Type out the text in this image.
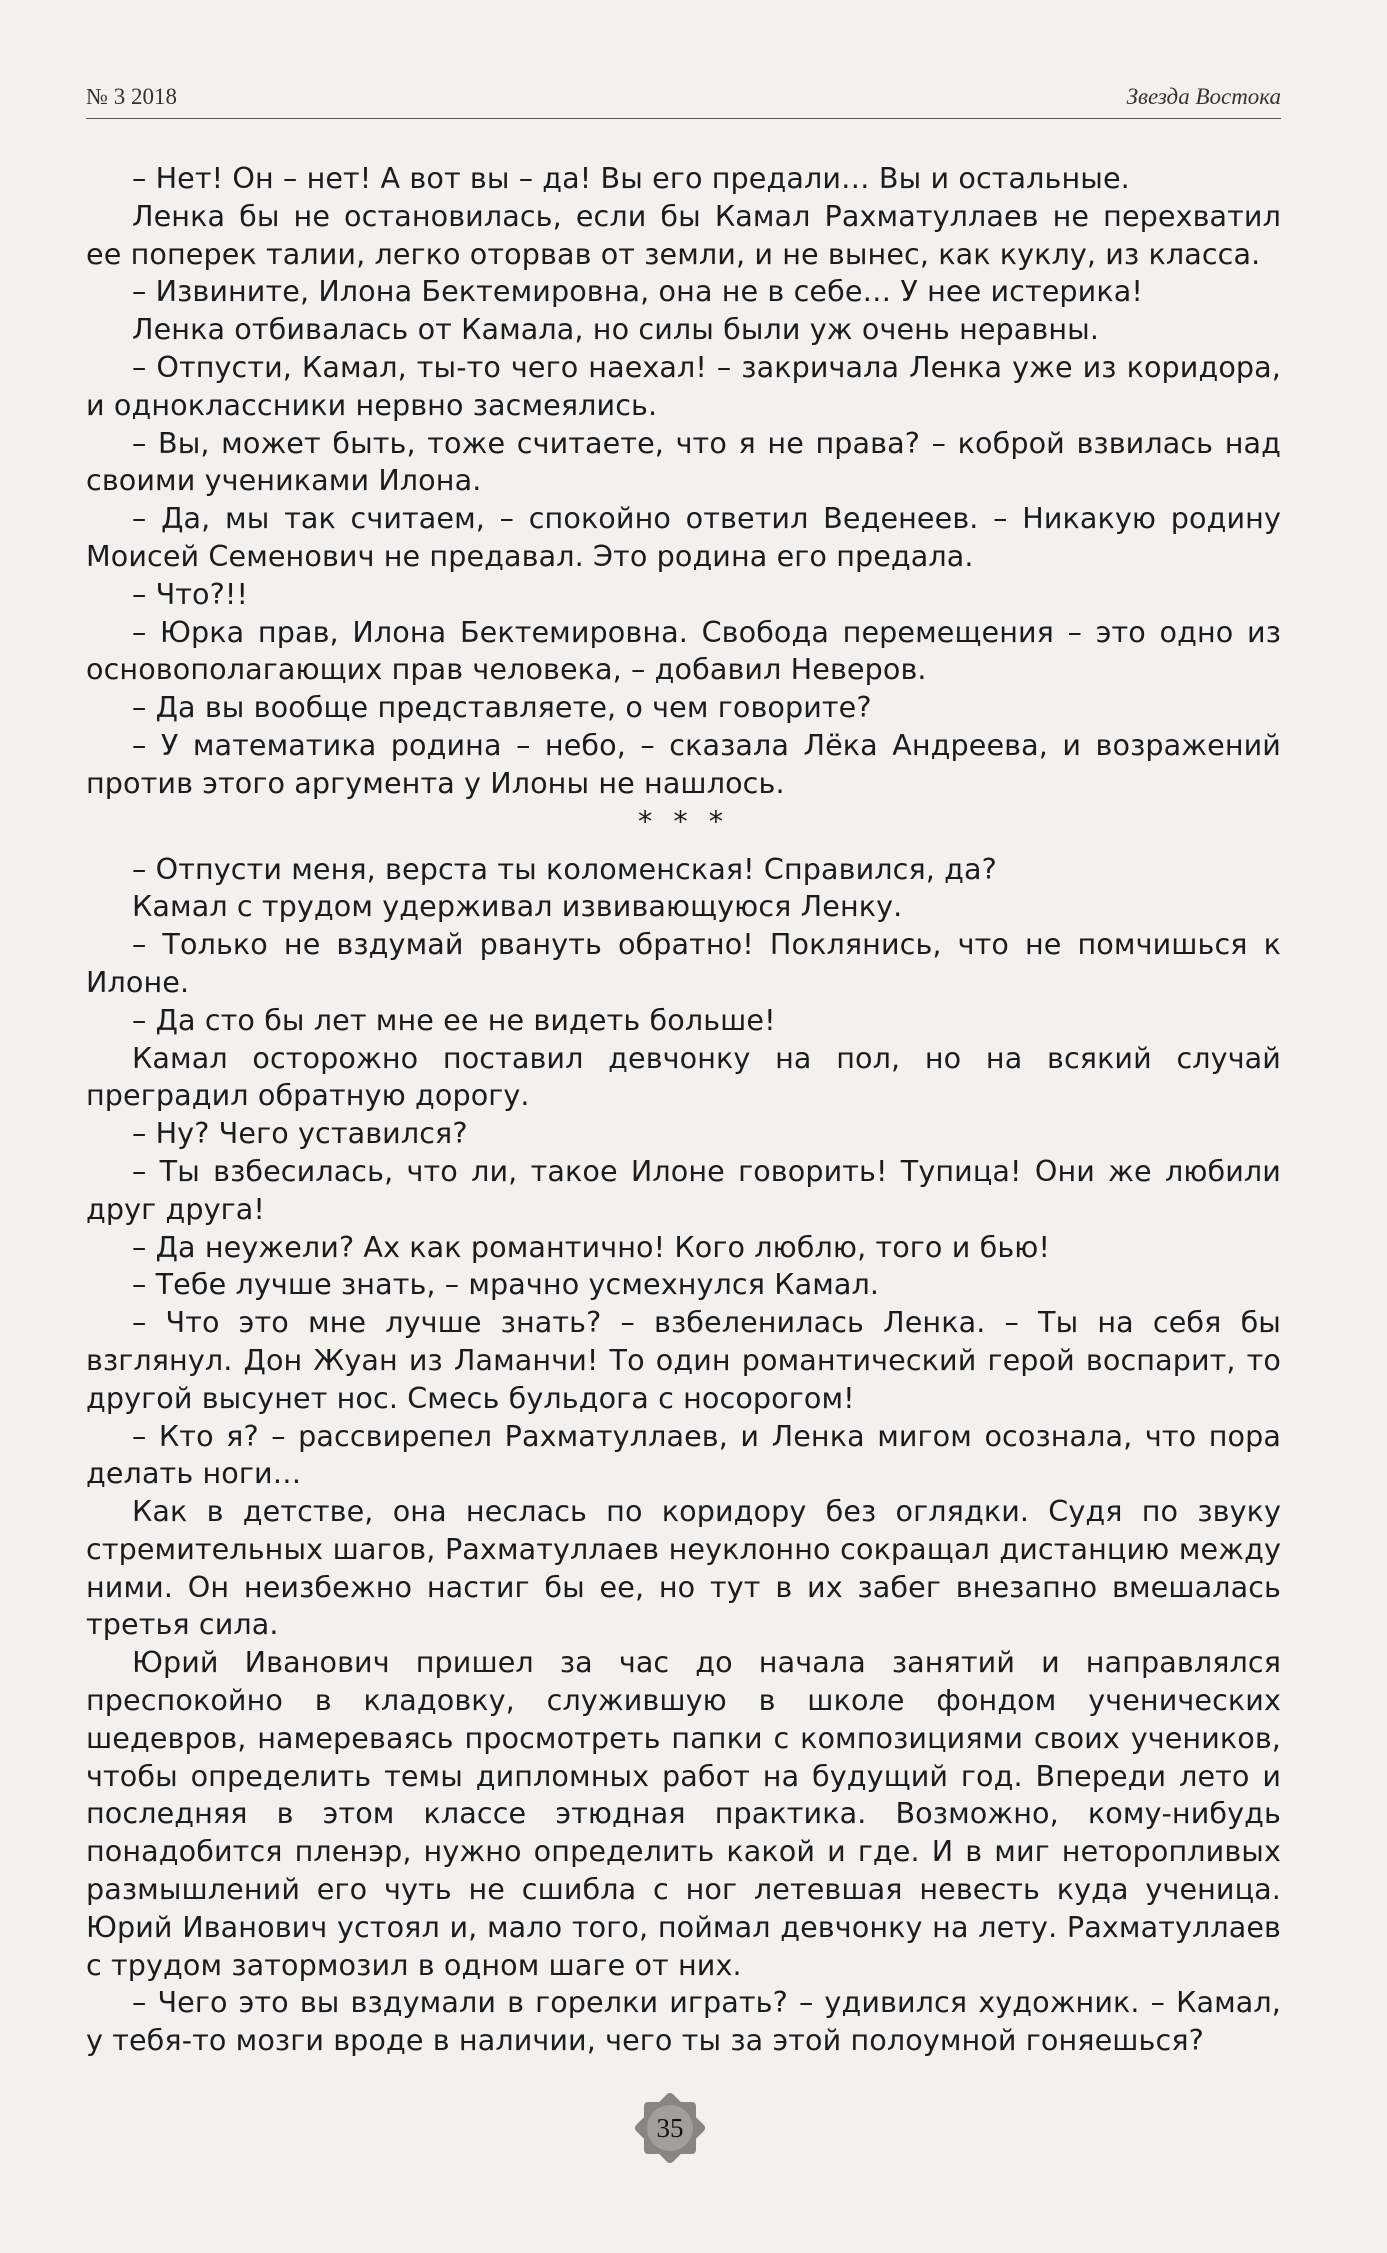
№ 3 2018	Звезда Востока

– Нет! Он – нет! А вот вы – да! Вы его предали… Вы и остальные.

Ленка бы не остановилась, если бы Камал Рахматуллаев не перехватил ее поперек талии, легко оторвав от земли, и не вынес, как куклу, из класса.

– Извините, Илона Бектемировна, она не в себе… У нее истерика!

Ленка отбивалась от Камала, но силы были уж очень неравны.

– Отпусти, Камал, ты-то чего наехал! – закричала Ленка уже из коридора, и одноклассники нервно засмеялись.

– Вы, может быть, тоже считаете, что я не права? – коброй взвилась над своими учениками Илона.

– Да, мы так считаем, – спокойно ответил Веденеев. – Никакую родину Моисей Семенович не предавал. Это родина его предала.

– Что?!!

– Юрка прав, Илона Бектемировна. Свобода перемещения – это одно из основополагающих прав человека, – добавил Неверов.

– Да вы вообще представляете, о чем говорите?

– У математика родина – небо, – сказала Лёка Андреева, и возражений против этого аргумента у Илоны не нашлось.

* * *

– Отпусти меня, верста ты коломенская! Справился, да?

Камал с трудом удерживал извивающуюся Ленку.

– Только не вздумай рвануть обратно! Поклянись, что не помчишься к Илоне.

– Да сто бы лет мне ее не видеть больше!

Камал осторожно поставил девчонку на пол, но на всякий случай преградил обратную дорогу.

– Ну? Чего уставился?

– Ты взбесилась, что ли, такое Илоне говорить! Тупица! Они же любили друг друга!

– Да неужели? Ах как романтично! Кого люблю, того и бью!

– Тебе лучше знать, – мрачно усмехнулся Камал.

– Что это мне лучше знать? – взбеленилась Ленка. – Ты на себя бы взглянул. Дон Жуан из Ламанчи! То один романтический герой воспарит, то другой высунет нос. Смесь бульдога с носорогом!

– Кто я? – рассвирепел Рахматуллаев, и Ленка мигом осознала, что пора делать ноги…

Как в детстве, она неслась по коридору без оглядки. Судя по звуку стремительных шагов, Рахматуллаев неуклонно сокращал дистанцию между ними. Он неизбежно настиг бы ее, но тут в их забег внезапно вмешалась третья сила.

Юрий Иванович пришел за час до начала занятий и направлялся преспокойно в кладовку, служившую в школе фондом ученических шедевров, намереваясь просмотреть папки с композициями своих учеников, чтобы определить темы дипломных работ на будущий год. Впереди лето и последняя в этом классе этюдная практика. Возможно, кому-нибудь понадобится пленэр, нужно определить какой и где. И в миг неторопливых размышлений его чуть не сшибла с ног летевшая невесть куда ученица. Юрий Иванович устоял и, мало того, поймал девчонку на лету. Рахматуллаев с трудом затормозил в одном шаге от них.

– Чего это вы вздумали в горелки играть? – удивился художник. – Камал, у тебя-то мозги вроде в наличии, чего ты за этой полоумной гоняешься?

35
